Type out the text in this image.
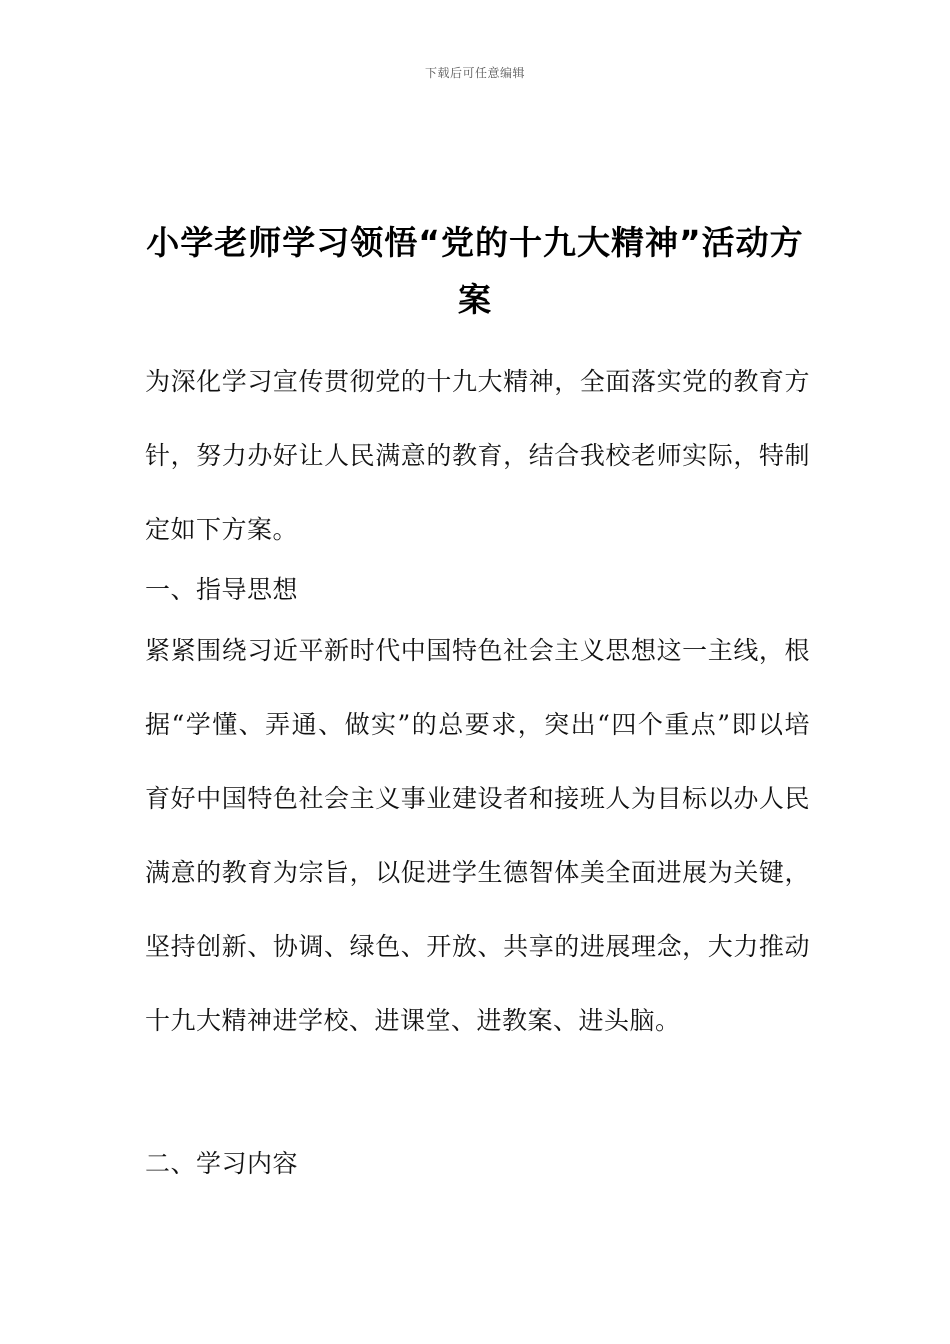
下载后可任意编辑
小学老师学习领悟“党的十九大精神”活动方案

为深化学习宣传贯彻党的十九大精神，全面落实党的教育方针，努力办好让人民满意的教育，结合我校老师实际，特制定如下方案。

一、指导思想

紧紧围绕习近平新时代中国特色社会主义思想这一主线，根据“学懂、弄通、做实”的总要求，突出“四个重点”即以培育好中国特色社会主义事业建设者和接班人为目标以办人民满意的教育为宗旨，以促进学生德智体美全面进展为关键，坚持创新、协调、绿色、开放、共享的进展理念，大力推动十九大精神进学校、进课堂、进教案、进头脑。

二、学习内容
